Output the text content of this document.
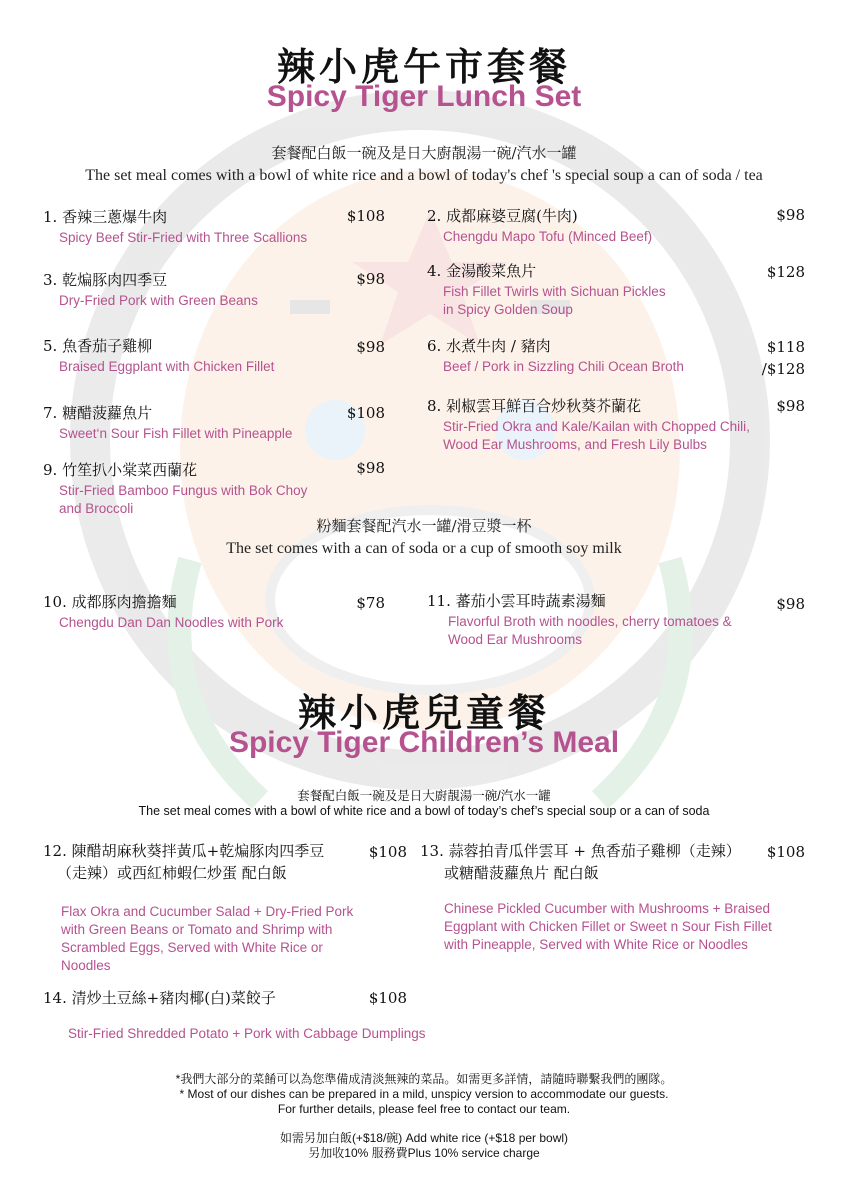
辣小虎午市套餐
Spicy Tiger Lunch Set
套餐配白飯一碗及是日大廚靚湯一碗/汽水一罐
The set meal comes with a bowl of white rice and a bowl of today's chef 's special soup a can of soda / tea
1. 香辣三蔥爆牛肉
Spicy Beef Stir-Fried with Three Scallions
$108
3. 乾煸豚肉四季豆
Dry-Fried Pork with Green Beans
$98
5. 魚香茄子雞柳
Braised Eggplant with Chicken Fillet
$98
7. 糖醋菠蘿魚片
Sweet‘n Sour Fish Fillet with Pineapple
$108
9. 竹笙扒小棠菜西蘭花
Stir-Fried Bamboo Fungus with Bok Choy
and Broccoli
$98
2. 成都麻婆豆腐(牛肉)
Chengdu Mapo Tofu (Minced Beef)
$98
4. 金湯酸菜魚片
Fish Fillet Twirls with Sichuan Pickles
in Spicy Golden Soup
$128
6. 水煮牛肉 / 豬肉
Beef / Pork in Sizzling Chili Ocean Broth
$118
/$128
8. 剁椒雲耳鮮百合炒秋葵芥蘭花
Stir-Fried Okra and Kale/Kailan with Chopped Chili,
Wood Ear Mushrooms, and Fresh Lily Bulbs
$98
粉麵套餐配汽水一罐/滑豆漿一杯
The set comes with a can of soda or a cup of smooth soy milk
10. 成都豚肉擔擔麵
Chengdu Dan Dan Noodles with Pork
$78	11. 蕃茄小雲耳時蔬素湯麵
Flavorful Broth with noodles, cherry tomatoes &
Wood Ear Mushrooms
$98
辣小虎兒童餐
Spicy Tiger Children’s Meal
套餐配白飯一碗及是日大廚靚湯一碗/汽水一罐
The set meal comes with a bowl of white rice and a bowl of today’s chef’s special soup or a can of soda
12. 陳醋胡麻秋葵拌黃瓜+乾煸豚肉四季豆
（走辣）或西紅柿蝦仁炒蛋 配白飯
$108
Flax Okra and Cucumber Salad + Dry-Fried Pork
with Green Beans or Tomato and Shrimp with
Scrambled Eggs, Served with White Rice or
Noodles
13. 蒜蓉拍青瓜伴雲耳 + 魚香茄子雞柳（走辣）
或糖醋菠蘿魚片 配白飯
$108
Chinese Pickled Cucumber with Mushrooms + Braised
Eggplant with Chicken Fillet or Sweet n Sour Fish Fillet
with Pineapple, Served with White Rice or Noodles
14. 清炒土豆絲+豬肉椰(白)菜餃子	$108
Stir-Fried Shredded Potato + Pork with Cabbage Dumplings
*我們大部分的菜餚可以為您準備成清淡無辣的菜品。如需更多詳情，請隨時聯繫我們的團隊。
* Most of our dishes can be prepared in a mild, unspicy version to accommodate our guests.
For further details, please feel free to contact our team.
如需另加白飯(+$18/碗) Add white rice (+$18 per bowl)
另加收10% 服務費Plus 10% service charge
